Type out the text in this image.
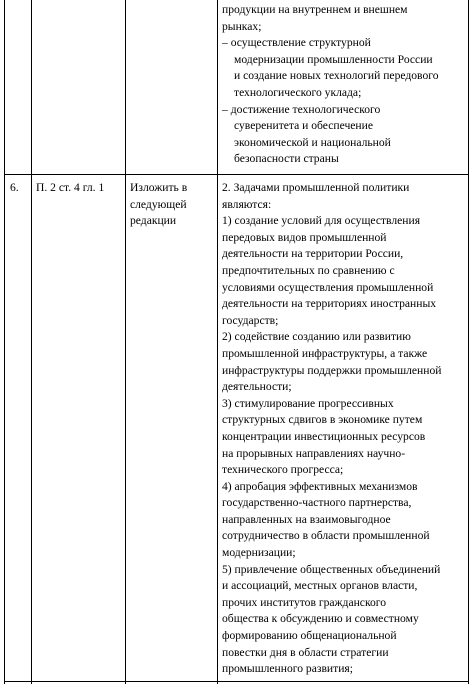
продукции на внутреннем и внешнем
рынках;
– осуществление структурной
модернизации промышленности России
и создание новых технологий передового
технологического уклада;
– достижение технологического
суверенитета и обеспечение
экономической и национальной
безопасности страны
6. П. 2 ст. 4 гл. 1 Изложить в
следующей
редакции
2. Задачами промышленной политики
являются:
1) создание условий для осуществления
передовых видов промышленной
деятельности на территории России,
предпочтительных по сравнению с
условиями осуществления промышленной
деятельности на территориях иностранных
государств;
2) содействие созданию или развитию
промышленной инфраструктуры, а также
инфраструктуры поддержки промышленной
деятельности;
3) стимулирование прогрессивных
структурных сдвигов в экономике путем
концентрации инвестиционных ресурсов
на прорывных направлениях научно-
технического прогресса;
4) апробация эффективных механизмов
государственно-частного партнерства,
направленных на взаимовыгодное
сотрудничество в области промышленной
модернизации;
5) привлечение общественных объединений
и ассоциаций, местных органов власти,
прочих институтов гражданского
общества к обсуждению и совместному
формированию общенациональной
повестки дня в области стратегии
промышленного развития;
